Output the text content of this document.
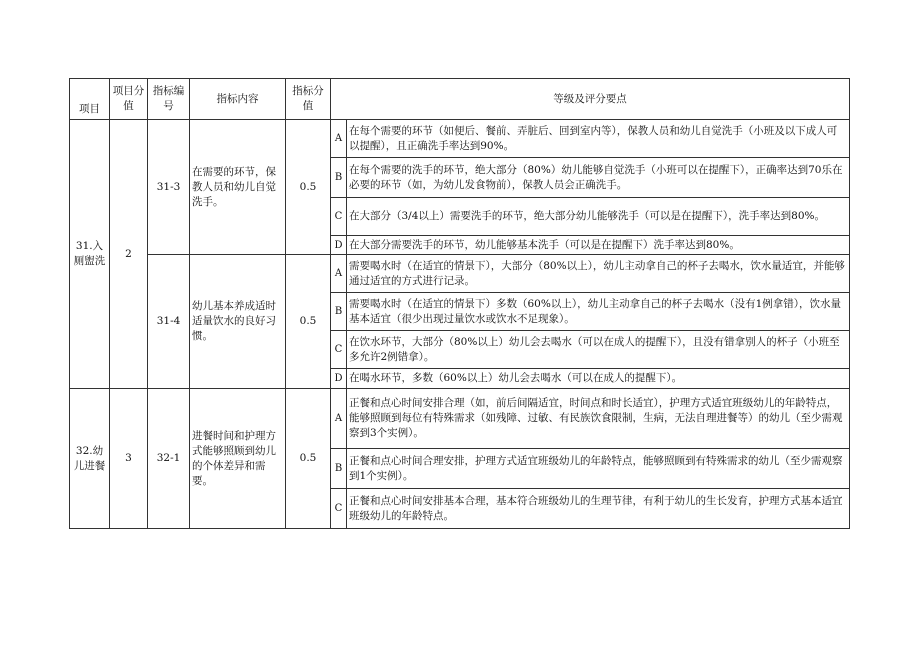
项目	项目分值	指标编号	指标内容	指标分值	等级及评分要点	
31.入厕盥洗	2	31-3	在需要的环节，保教人员和幼儿自觉洗手。	0.5	A	在每个需要的环节（如便后、餐前、弄脏后、回到室内等），保教人员和幼儿自觉洗手（小班及以下成人可以提醒），且正确洗手率达到90%。
					B	在每个需要的洗手的环节，绝大部分（80%）幼儿能够自觉洗手（小班可以在提醒下），正确率达到70乐在必要的环节（如，为幼儿发食物前），保教人员会正确洗手。
					C	在大部分（3/4以上）需要洗手的环节，绝大部分幼儿能够洗手（可以是在提醒下），洗手率达到80%。
					D	在大部分需要洗手的环节，幼儿能够基本洗手（可以是在提醒下）洗手率达到80%。
		31-4	幼儿基本养成适时适量饮水的良好习惯。	0.5	A	需要喝水时（在适宜的情景下），大部分（80%以上），幼儿主动拿自己的杯子去喝水，饮水量适宜，并能够通过适宜的方式进行记录。
					B	需要喝水时（在适宜的情景下）多数（60%以上），幼儿主动拿自己的杯子去喝水（没有1例拿错），饮水量基本适宜（很少出现过量饮水或饮水不足现象）。
					C	在饮水环节，大部分（80%以上）幼儿会去喝水（可以在成人的提醒下），且没有错拿别人的杯子（小班至多允许2例错拿）。
					D	在喝水环节，多数（60%以上）幼儿会去喝水（可以在成人的提醒下）。
32.幼儿进餐	3	32-1	进餐时间和护理方式能够照顾到幼儿的个体差异和需要。	0.5	A	正餐和点心时间安排合理（如，前后间隔适宜，时间点和时长适宜），护理方式适宜班级幼儿的年龄特点，能够照顾到每位有特殊需求（如残障、过敏、有民族饮食限制，生病，无法自理进餐等）的幼儿（至少需观察到3个实例）。
					B	正餐和点心时间合理安排，护理方式适宜班级幼儿的年龄特点，能够照顾到有特殊需求的幼儿（至少需观察到1个实例）。
					C	正餐和点心时间安排基本合理，基本符合班级幼儿的生理节律，有利于幼儿的生长发育，护理方式基本适宜班级幼儿的年龄特点。
